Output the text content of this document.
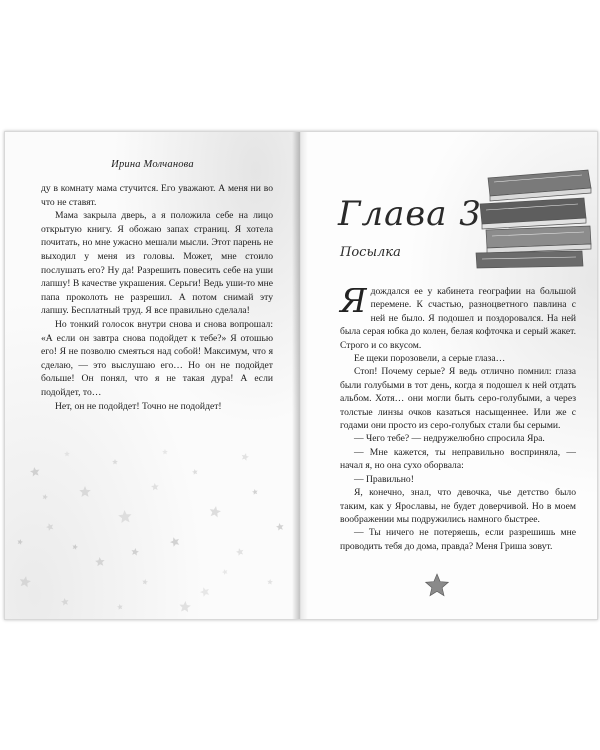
Ирина Молчанова

ду в комнату мама стучится. Его уважают. А меня ни во что не ставят.

Мама закрыла дверь, а я положила себе на лицо открытую книгу. Я обожаю запах страниц. Я хотела почитать, но мне ужасно мешали мысли. Этот парень не выходил у меня из головы. Может, мне стоило послушать его? Ну да! Разрешить повесить себе на уши лапшу! В качестве украшения. Серьги! Ведь уши-то мне папа проколоть не разрешил. А потом снимай эту лапшу. Бесплатный труд. Я все правильно сделала!

Но тонкий голосок внутри снова и снова вопрошал: «А если он завтра снова подойдет к тебе?» Я отошью его! Я не позволю смеяться над собой! Максимум, что я сделаю, — это выслушаю его… Но он не подойдет больше! Он понял, что я не такая дура! А если подойдет, то…

Нет, он не подойдет! Точно не подойдет!

Глава 3
Посылка

Ядождался ее у кабинета географии на большой перемене. К счастью, разноцветного павлина с ней не было. Я подошел и поздоровался. На ней была серая юбка до колен, белая кофточка и серый жакет. Строго и со вкусом.

Ее щеки порозовели, а серые глаза…

Стоп! Почему серые? Я ведь отлично помнил: глаза были голубыми в тот день, когда я подошел к ней отдать альбом. Хотя… они могли быть серо-голубыми, а через толстые линзы очков казаться насыщеннее. Или же с годами они просто из серо-голубых стали бы серыми.

— Чего тебе? — недружелюбно спросила Яра.

— Мне кажется, ты неправильно восприняла, — начал я, но она сухо оборвала:

— Правильно!

Я, конечно, знал, что девочка, чье детство было таким, как у Ярославы, не будет доверчивой. Но в моем воображении мы подружились намного быстрее.

— Ты ничего не потеряешь, если разрешишь мне проводить тебя до дома, правда? Меня Гриша зовут.
